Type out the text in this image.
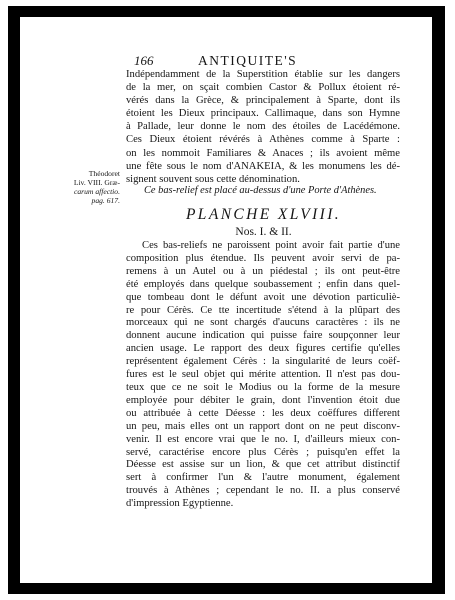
166	ANTIQUITE'S
Indépendamment de la Superstition établie sur les dangers
de la mer, on sçait combien Castor & Pollux étoient ré-
vérés dans la Grèce, & principalement à Sparte, dont ils
étoient les Dieux principaux. Callimaque, dans son Hymne
à Pallade, leur donne le nom des étoiles de Lacédémone.
Ces Dieux étoient révérés à Athènes comme à Sparte :
on les nommoit Familiares & Anaces ; ils avoient même
une fête sous le nom d'ANAKEIA, & les monumens les dé-
signent souvent sous cette dénomination.
Théodoret
Liv. VIII. Græ-
carum affectio.
pag. 617.
Ce bas-relief est placé au-dessus d'une Porte d'Athènes.
PLANCHE XLVIII.
Nos. I. & II.
Ces bas-reliefs ne paroissent point avoir fait partie d'une
composition plus étendue. Ils peuvent avoir servi de pa-
remens à un Autel ou à un piédestal ; ils ont peut-être
été employés dans quelque soubassement ; enfin dans quel-
que tombeau dont le défunt avoit une dévotion particuliè-
re pour Cérès. Ce tte incertitude s'étend à la plûpart des
morceaux qui ne sont chargés d'aucuns caractères : ils ne
donnent aucune indication qui puisse faire soupçonner leur
ancien usage. Le rapport des deux figures certifie qu'elles
représentent également Cérès : la singularité de leurs coëf-
fures est le seul objet qui mérite attention. Il n'est pas dou-
teux que ce ne soit le Modius ou la forme de la mesure
employée pour débiter le grain, dont l'invention étoit due
ou attribuée à cette Déesse : les deux coëffures different
un peu, mais elles ont un rapport dont on ne peut disconv-
venir. Il est encore vrai que le no. I, d'ailleurs mieux con-
servé, caractérise encore plus Cérès ; puisqu'en effet la
Déesse est assise sur un lion, & que cet attribut distinctif
sert à confirmer l'un & l'autre monument, également
trouvés à Athènes ; cependant le no. II. a plus conservé
d'impression Egyptienne.
